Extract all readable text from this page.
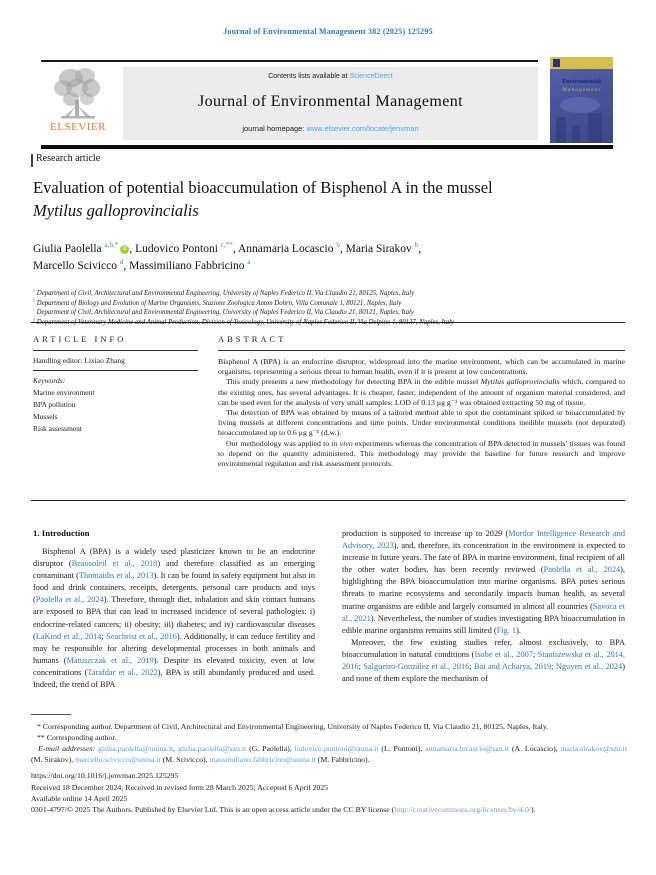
Journal of Environmental Management 382 (2025) 125295
ELSEVIER
Contents lists available at ScienceDirect
Journal of Environmental Management
journal homepage: www.elsevier.com/locate/jenvman
Environmental
Management
Research article
Evaluation of potential bioaccumulation of Bisphenol A in the mussel
Mytilus galloprovincialis
Giulia Paolella $^{a,b,*}$ iD , Ludovico Pontoni $^{c,**}$, Annamaria Locascio $^b$, Maria Sirakov $^b$,
Marcello Scivicco $^d$, Massimiliano Fabbricino $^a$
$^a$ Department of Civil, Architectural and Environmental Engineering, University of Naples Federico II, Via Claudio 21, 80125, Naples, Italy
$^b$ Department of Biology and Evolution of Marine Organisms, Stazione Zoologica Anton Dohrn, Villa Comunale 1, 80121, Naples, Italy
$^c$ Department of Civil, Architectural and Environmental Engineering, University of Naples Federico II, Via Claudio 21, 80121, Naples, Italy
$^d$
ARTICLE INFO
Handling editor: Lixiao Zhang
Keywords:
Marine environment
BPA pollution
Mussels
Risk assessment
ABSTRACT

Bisphenol A (BPA) is an endocrine disruptor, widespread into the marine environment, which can be accumulated in marine organisms, representing a serious threat to human health, even if it is present at low concentrations.

This study presents a new methodology for detecting BPA in the edible mussel Mytilus galloprovincialis which, compared to the existing ones, has several advantages. It is cheaper, faster, independent of the amount of organism material considered, and can be used even for the analysis of very small samples: LOD of 0.13 μg g⁻¹ was obtained extracting 50 mg of tissue.

The detection of BPA was obtained by means of a tailored method able to spot the contaminant spiked or bioaccumulated by living mussels at different concentrations and time points. Under environmental conditions inedible mussels (not depurated) bioaccumulated up to 0.6 μg g⁻¹ (d.w.).

Our methodology was applied to in vivo experiments whereas the concentration of BPA detected in mussels’ tissues was found to depend on the quantity administered. This methodology may provide the baseline for future research and improve environmental regulation and risk assessment protocols.

1. Introduction

Bisphenol A (BPA) is a widely used plasticizer known to be an endocrine disruptor (Beausoleil et al., 2018) and therefore classified as an emerging contaminant (Thomaidis et al., 2013). It can be found in safety equipment but also in food and drink containers, receipts, detergents, personal care products and toys (Paolella et al., 2024). Therefore, through diet, inhalation and skin contact humans are exposed to BPA that can lead to increased incidence of several pathologies: i) endocrine-related cancers; ii) obesity; iii) diabetes; and iv) cardiovascular diseases (LaKind et al., 2014; Seachrist et al., 2016). Additionally, it can reduce fertility and may be responsible for altering developmental processes in both animals and humans (Matuszczak et al., 2019). Despite its elevated toxicity, even at low concentrations (Tarafdar et al., 2022), BPA is still abundantly produced and used. Indeed, the trend of BPA

production is supposed to increase up to 2029 (Mordor Intelligence Research and Advisory, 2023), and, therefore, its concentration in the environment is expected to increase in future years. The fate of BPA in marine environment, final recipient of all the other water bodies, has been recently reviewed (Paolella et al., 2024), highlighting the BPA bioaccumulation into marine organisms. BPA poses serious threats to marine ecosystems and secondarily impacts human health, as several marine organisms are edible and largely consumed in almost all countries (Savoca et al., 2021). Nevertheless, the number of studies investigating BPA bioaccumulation in edible marine organisms remains still limited (Fig. 1).

Moreover, the few existing studies refer, almost exclusively, to BPA bioaccumulation in natural conditions (Isobe et al., 2007; Staniszewska et al., 2014, 2016; Salgueiro-Gonzàlez et al., 2016; Bai and Acharya, 2019; Nguyen et al., 2024) and none of them explore the mechanism of

* Corresponding author. Department of Civil, Architectural and Environmental Engineering, University of Naples Federico II, Via Claudio 21, 80125, Naples, Italy.
** Corresponding author.
E-mail addresses: giulia.paolella@unina.it, giulia.paolella@szn.it (G. Paolella), ludovico.pontoni@unina.it (L. Pontoni), annamaria.locascio@szn.it (A. Locascio), maria.sirakov@szn.it (M. Sirakov), marcello.scivicco@unina.it (M. Scivicco), massimiliano.fabbricino@unina.it (M. Fabbricino).
https://doi.org/10.1016/j.jenvman.2025.125295
Received 18 December 2024; Received in revised form 28 March 2025; Accepted 6 April 2025
Available online 14 April 2025
0301-4797/© 2025 The Authors. Published by Elsevier Ltd. This is an open access article under the CC BY license (http://creativecommons.org/licenses/by/4.0/).
